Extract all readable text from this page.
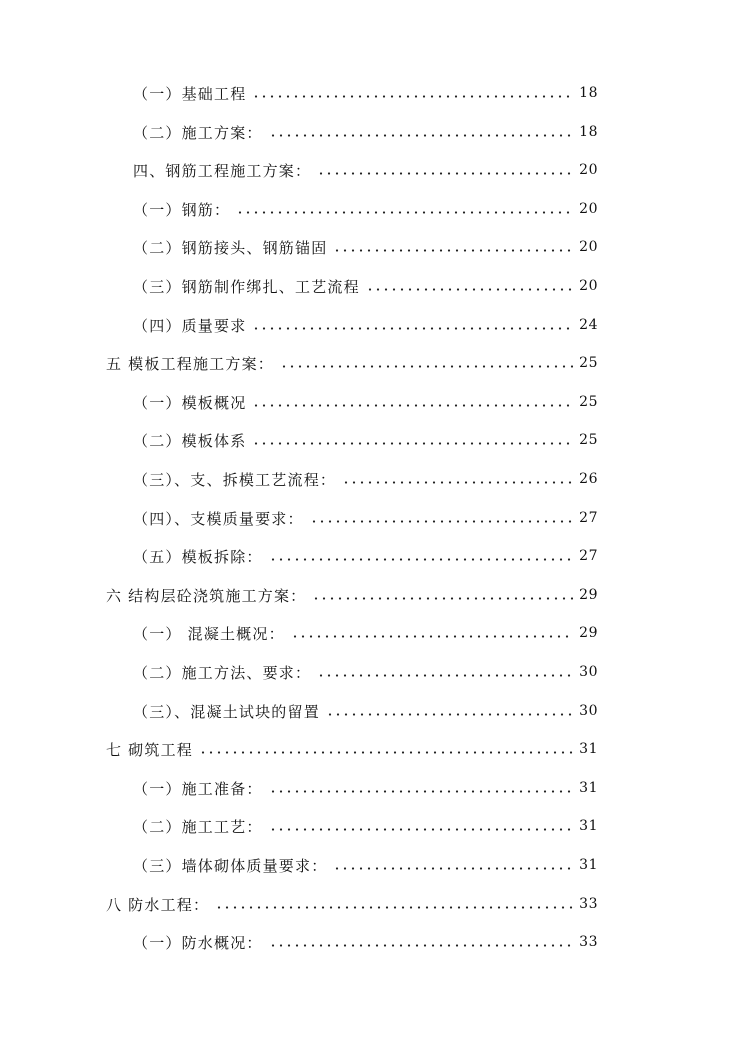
（一）基础工程	18
（二）施工方案：	18
四、钢筋工程施工方案：	20
（一）钢筋：	20
（二）钢筋接头、钢筋锚固	20
（三）钢筋制作绑扎、工艺流程	20
（四）质量要求	24
五 模板工程施工方案：	25
（一）模板概况	25
（二）模板体系	25
（三）、支、拆模工艺流程：	26
（四）、支模质量要求：	27
（五）模板拆除：	27
六 结构层砼浇筑施工方案：	29
（一） 混凝土概况：	29
（二）施工方法、要求：	30
（三）、混凝土试块的留置	30
七 砌筑工程	31
（一）施工准备：	31
（二）施工工艺：	31
（三）墙体砌体质量要求：	31
八 防水工程：	33
（一）防水概况：	33
